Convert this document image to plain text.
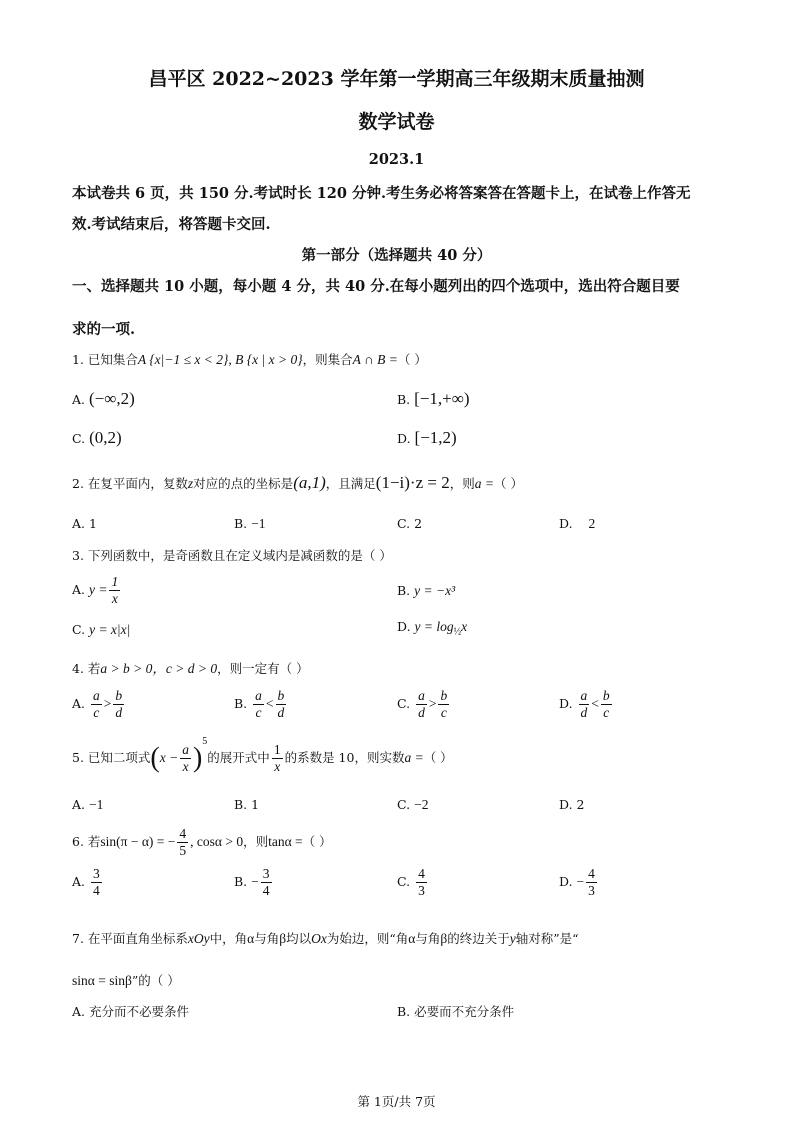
昌平区 2022~2023 学年第一学期高三年级期末质量抽测
数学试卷
2023.1
本试卷共 6 页，共 150 分.考试时长 120 分钟.考生务必将答案答在答题卡上，在试卷上作答无
效.考试结束后，将答题卡交回.
第一部分（选择题共 40 分）
一、选择题共 10 小题，每小题 4 分，共 40 分.在每小题列出的四个选项中，选出符合题目要
求的一项.
1. 已知集合A {x|−1 ≤ x < 2}, B {x | x > 0}，则集合A ∩ B =（ ）
A. (−∞,2)	B. [−1,+∞)
C. (0,2)	D. [−1,2)
2. 在复平面内，复数z对应的点的坐标是(a,1)，且满足(1−i)·z = 2，则a =（ ）
A. 1	B. −1	C. 2	D. 2
3. 下列函数中，是奇函数且在定义域内是减函数的是（ ）
A. $y = \frac{1}{x}$	B. y = −x³
C. y = x|x|	D. $y = \log_{\frac{1}{2}}x$
4. 若a > b > 0，c > d > 0，则一定有（ ）
A. $\frac{a}{c} > \frac{b}{d}$	B. $\frac{a}{c} < \frac{b}{d}$	C. $\frac{a}{d} > \frac{b}{c}$	D. $\frac{a}{d} < \frac{b}{c}$
5. 已知二项式$(x - \frac{a}{x} )^5$的展开式中 $\frac{1}{x}$ 的系数是 10，则实数a =（ ）
A. −1	B. 1	C. −2	D. 2
6. 若sin(π − α) = − $\frac{4}{5}$ , cosα > 0，则tanα =（ ）
A. $\frac{3}{4}$	B. − $\frac{3}{4}$	C. $\frac{4}{3}$	D. − $\frac{4}{3}$
7. 在平面直角坐标系xOy中，角α与角β均以Ox为始边，则“角α与角β的终边关于y轴对称”是“
sinα = sinβ”的（ ）
A. 充分而不必要条件	B. 必要而不充分条件
第 1页/共 7页
